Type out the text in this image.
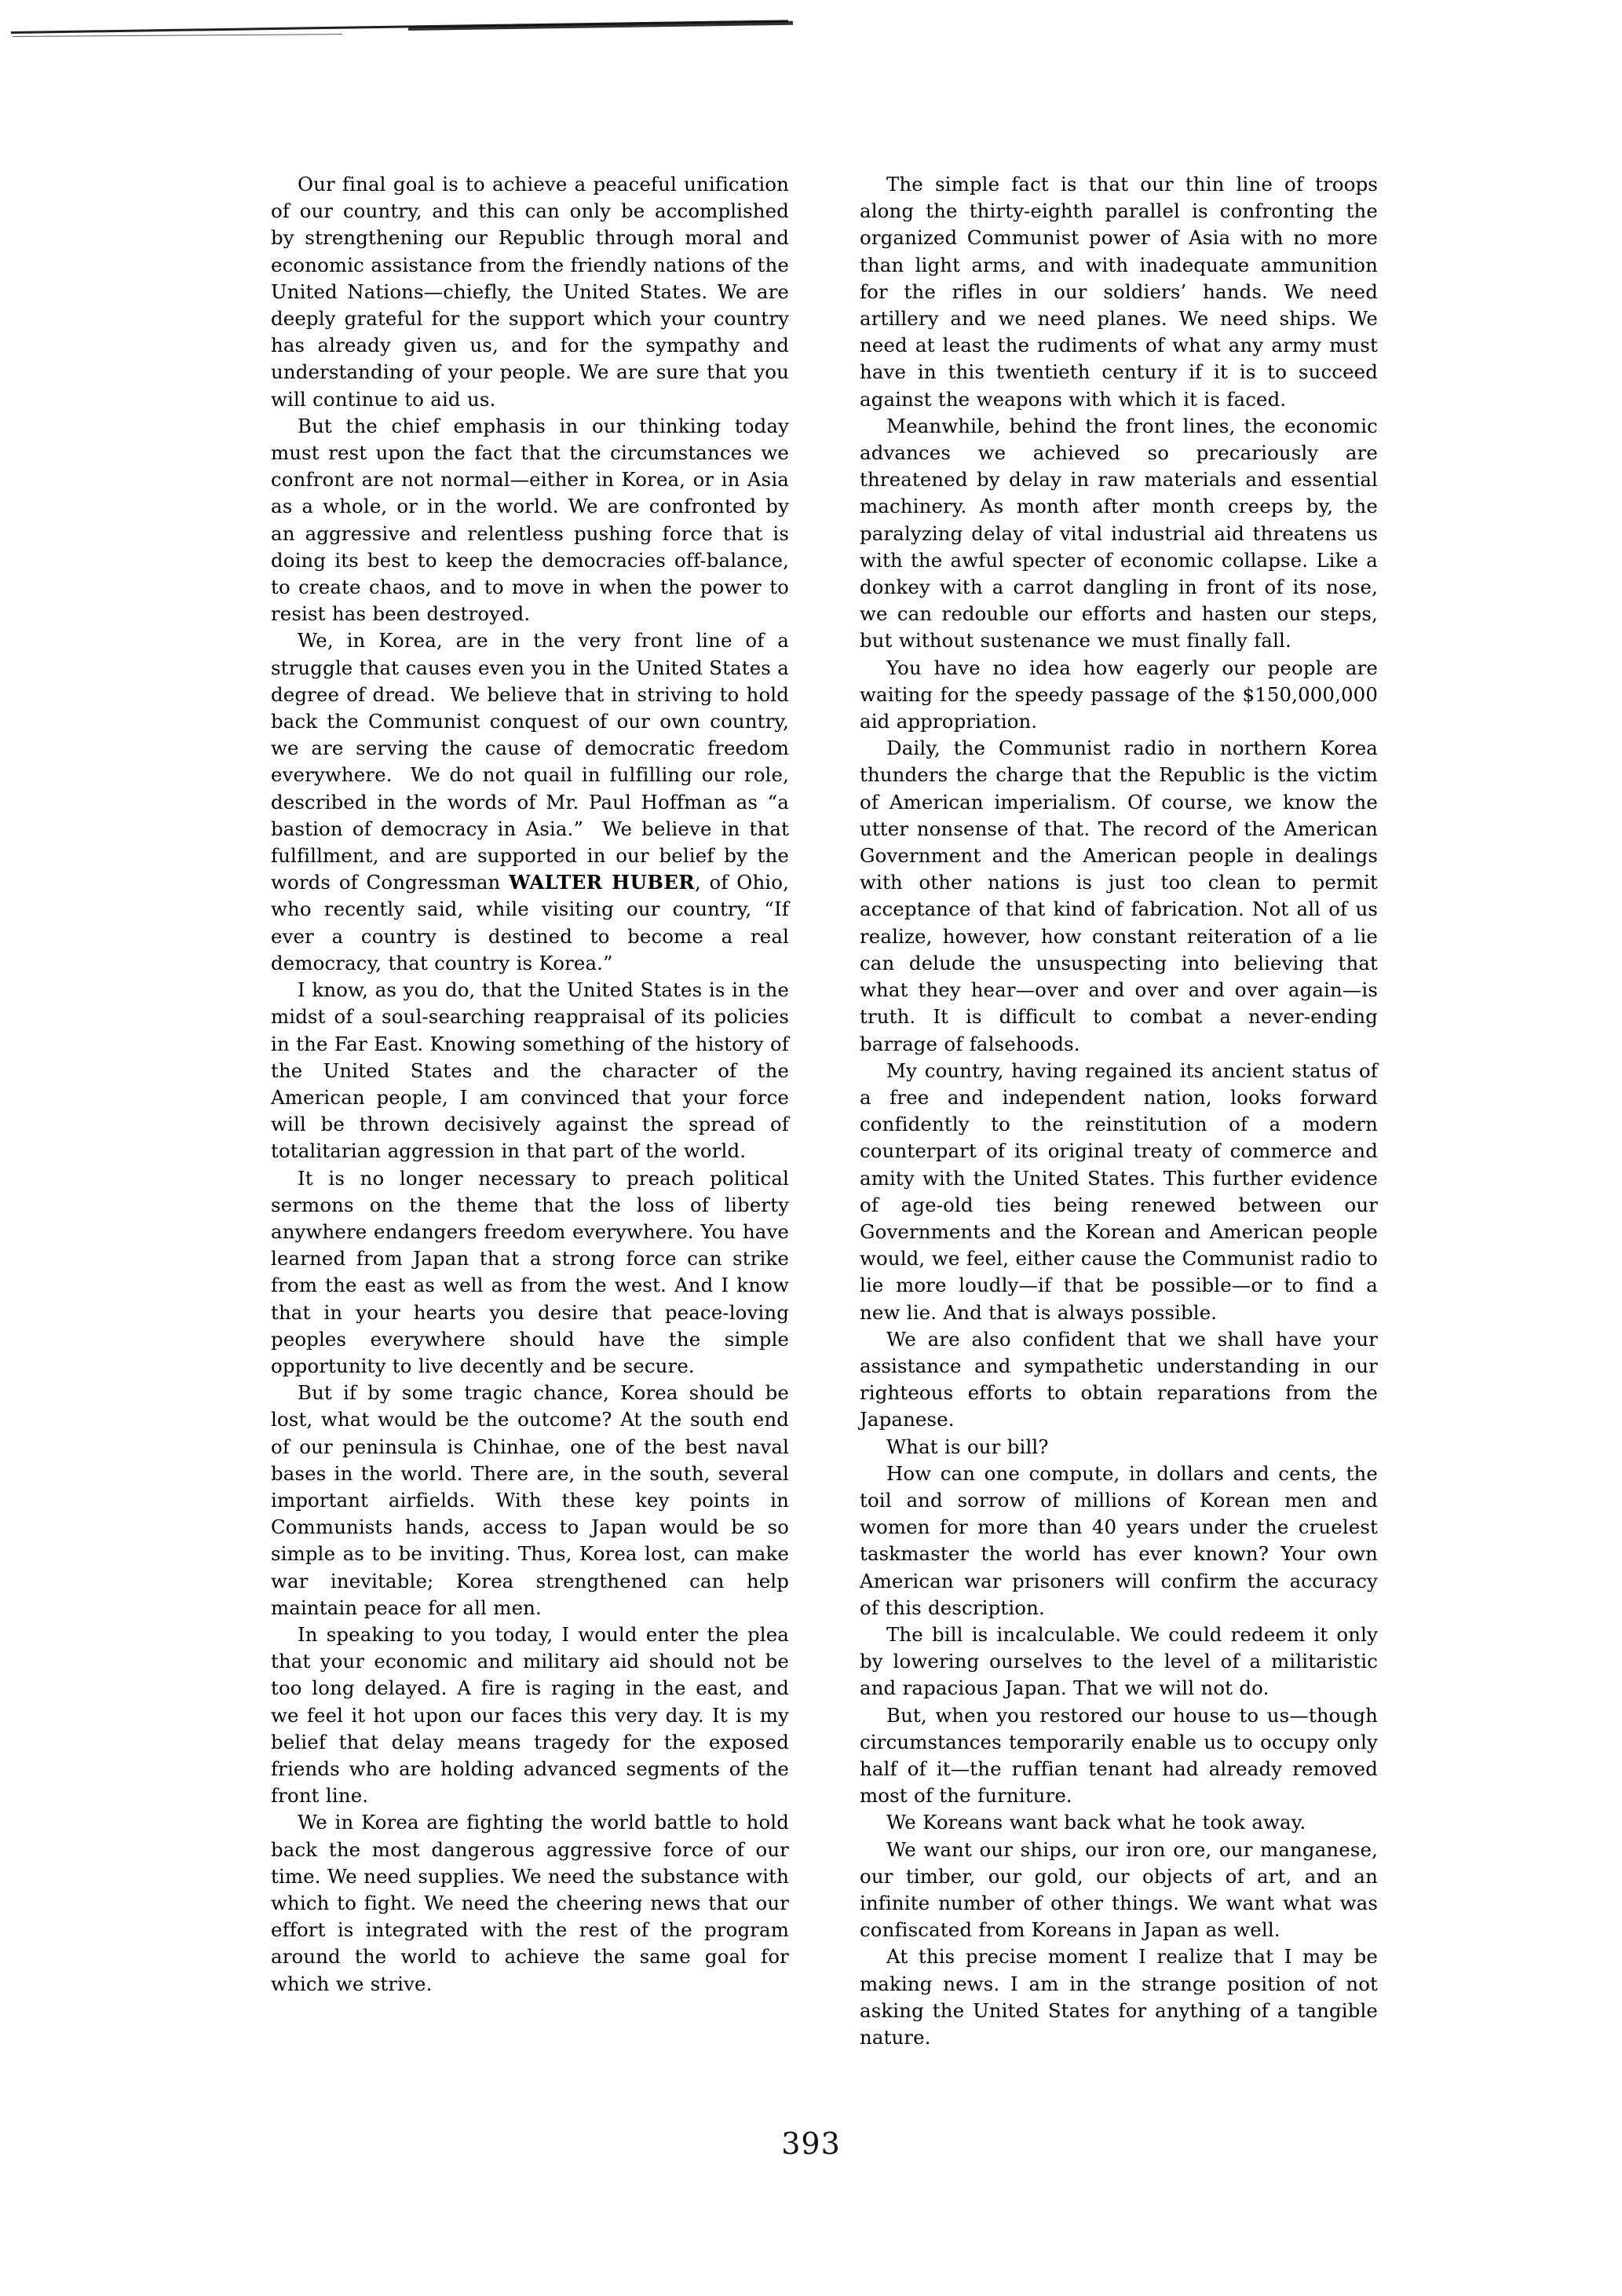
Our final goal is to achieve a peaceful unification of our country, and this can only be accomplished by strengthening our Republic through moral and economic assistance from the friendly nations of the United Nations—chiefly, the United States. We are deeply grateful for the support which your country has already given us, and for the sympathy and understanding of your people. We are sure that you will continue to aid us.

But the chief emphasis in our thinking today must rest upon the fact that the circumstances we confront are not normal—either in Korea, or in Asia as a whole, or in the world. We are confronted by an aggressive and relentless pushing force that is doing its best to keep the democracies off-balance, to create chaos, and to move in when the power to resist has been destroyed.

We, in Korea, are in the very front line of a struggle that causes even you in the United States a degree of dread.  We believe that in striving to hold back the Communist conquest of our own country, we are serving the cause of democratic freedom everywhere.  We do not quail in fulfilling our role, described in the words of Mr. Paul Hoffman as “a bastion of democracy in Asia.”  We believe in that fulfillment, and are supported in our belief by the words of Congressman WALTER HUBER, of Ohio, who recently said, while visiting our country, “If ever a country is destined to become a real democracy, that country is Korea.”

I know, as you do, that the United States is in the midst of a soul-searching reappraisal of its policies in the Far East. Knowing something of the history of the United States and the character of the American people, I am convinced that your force will be thrown decisively against the spread of totalitarian aggression in that part of the world.

It is no longer necessary to preach political sermons on the theme that the loss of liberty anywhere endangers freedom everywhere. You have learned from Japan that a strong force can strike from the east as well as from the west. And I know that in your hearts you desire that peace-loving peoples everywhere should have the simple opportunity to live decently and be secure.

But if by some tragic chance, Korea should be lost, what would be the outcome? At the south end of our peninsula is Chinhae, one of the best naval bases in the world. There are, in the south, several important airfields. With these key points in Communists hands, access to Japan would be so simple as to be inviting. Thus, Korea lost, can make war inevitable; Korea strengthened can help maintain peace for all men.

In speaking to you today, I would enter the plea that your economic and military aid should not be too long delayed. A fire is raging in the east, and we feel it hot upon our faces this very day. It is my belief that delay means tragedy for the exposed friends who are holding advanced segments of the front line.

We in Korea are fighting the world battle to hold back the most dangerous aggressive force of our time. We need supplies. We need the substance with which to fight. We need the cheering news that our effort is integrated with the rest of the program around the world to achieve the same goal for which we strive.

The simple fact is that our thin line of troops along the thirty-eighth parallel is confronting the organized Communist power of Asia with no more than light arms, and with inadequate ammunition for the rifles in our soldiers’ hands. We need artillery and we need planes. We need ships. We need at least the rudiments of what any army must have in this twentieth century if it is to succeed against the weapons with which it is faced.

Meanwhile, behind the front lines, the economic advances we achieved so precariously are threatened by delay in raw materials and essential machinery. As month after month creeps by, the paralyzing delay of vital industrial aid threatens us with the awful specter of economic collapse. Like a donkey with a carrot dangling in front of its nose, we can redouble our efforts and hasten our steps, but without sustenance we must finally fall.

You have no idea how eagerly our people are waiting for the speedy passage of the $150,000,000 aid appropriation.

Daily, the Communist radio in northern Korea thunders the charge that the Republic is the victim of American imperialism. Of course, we know the utter nonsense of that. The record of the American Government and the American people in dealings with other nations is just too clean to permit acceptance of that kind of fabrication. Not all of us realize, however, how constant reiteration of a lie can delude the unsuspecting into believing that what they hear—over and over and over again—is truth. It is difficult to combat a never-ending barrage of falsehoods.

My country, having regained its ancient status of a free and independent nation, looks forward confidently to the reinstitution of a modern counterpart of its original treaty of commerce and amity with the United States. This further evidence of age-old ties being renewed between our Governments and the Korean and American people would, we feel, either cause the Communist radio to lie more loudly—if that be possible—or to find a new lie. And that is always possible.

We are also confident that we shall have your assistance and sympathetic understanding in our righteous efforts to obtain reparations from the Japanese.

What is our bill?

How can one compute, in dollars and cents, the toil and sorrow of millions of Korean men and women for more than 40 years under the cruelest taskmaster the world has ever known? Your own American war prisoners will confirm the accuracy of this description.

The bill is incalculable. We could redeem it only by lowering ourselves to the level of a militaristic and rapacious Japan. That we will not do.

But, when you restored our house to us—though circumstances temporarily enable us to occupy only half of it—the ruffian tenant had already removed most of the furniture.

We Koreans want back what he took away.

We want our ships, our iron ore, our manganese, our timber, our gold, our objects of art, and an infinite number of other things. We want what was confiscated from Koreans in Japan as well.

At this precise moment I realize that I may be making news. I am in the strange position of not asking the United States for anything of a tangible nature.

393
